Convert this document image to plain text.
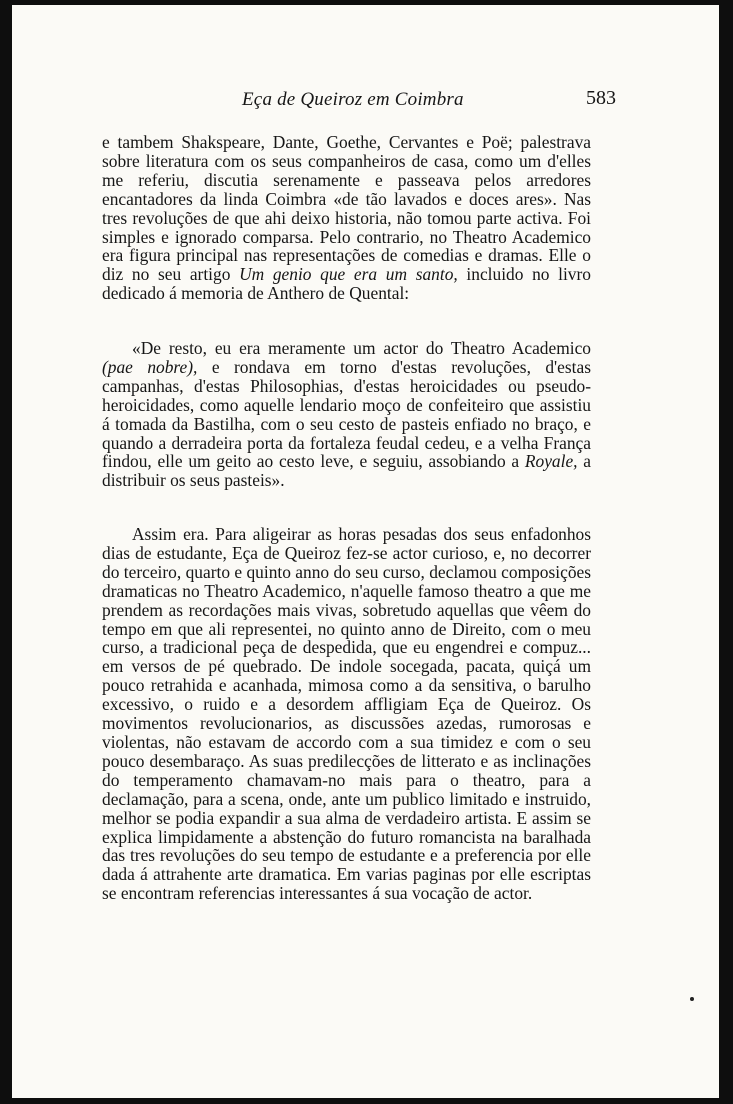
Eça de Queiroz em Coimbra	583

e tambem Shakspeare, Dante, Goethe, Cervantes e Poë; palestrava sobre literatura com os seus companheiros de casa, como um d'elles me referiu, discutia serenamente e passeava pelos arredores encantadores da linda Coimbra «de tão lavados e doces ares». Nas tres revoluções de que ahi deixo historia, não tomou parte activa. Foi simples e ignorado comparsa. Pelo contrario, no Theatro Academico era figura principal nas representações de comedias e dramas. Elle o diz no seu artigo Um genio que era um santo, incluido no livro dedicado á memoria de Anthero de Quental:

«De resto, eu era meramente um actor do Theatro Academico (pae nobre), e rondava em torno d'estas revoluções, d'estas campanhas, d'estas Philosophias, d'estas heroicidades ou pseudo-heroicidades, como aquelle lendario moço de confeiteiro que assistiu á tomada da Bastilha, com o seu cesto de pasteis enfiado no braço, e quando a derradeira porta da fortaleza feudal cedeu, e a velha França findou, elle um geito ao cesto leve, e seguiu, assobiando a Royale, a distribuir os seus pasteis».

Assim era. Para aligeirar as horas pesadas dos seus enfadonhos dias de estudante, Eça de Queiroz fez-se actor curioso, e, no decorrer do terceiro, quarto e quinto anno do seu curso, declamou composições dramaticas no Theatro Academico, n'aquelle famoso theatro a que me prendem as recordações mais vivas, sobretudo aquellas que vêem do tempo em que ali representei, no quinto anno de Direito, com o meu curso, a tradicional peça de despedida, que eu engendrei e compuz... em versos de pé quebrado. De indole socegada, pacata, quiçá um pouco retrahida e acanhada, mimosa como a da sensitiva, o barulho excessivo, o ruido e a desordem affligiam Eça de Queiroz. Os movimentos revolucionarios, as discussões azedas, rumorosas e violentas, não estavam de accordo com a sua timidez e com o seu pouco desembaraço. As suas predilecções de litterato e as inclinações do temperamento chamavam-no mais para o theatro, para a declamação, para a scena, onde, ante um publico limitado e instruido, melhor se podia expandir a sua alma de verdadeiro artista. E assim se explica limpidamente a abstenção do futuro romancista na baralhada das tres revoluções do seu tempo de estudante e a preferencia por elle dada á attrahente arte dramatica. Em varias paginas por elle escriptas se encontram referencias interessantes á sua vocação de actor.
